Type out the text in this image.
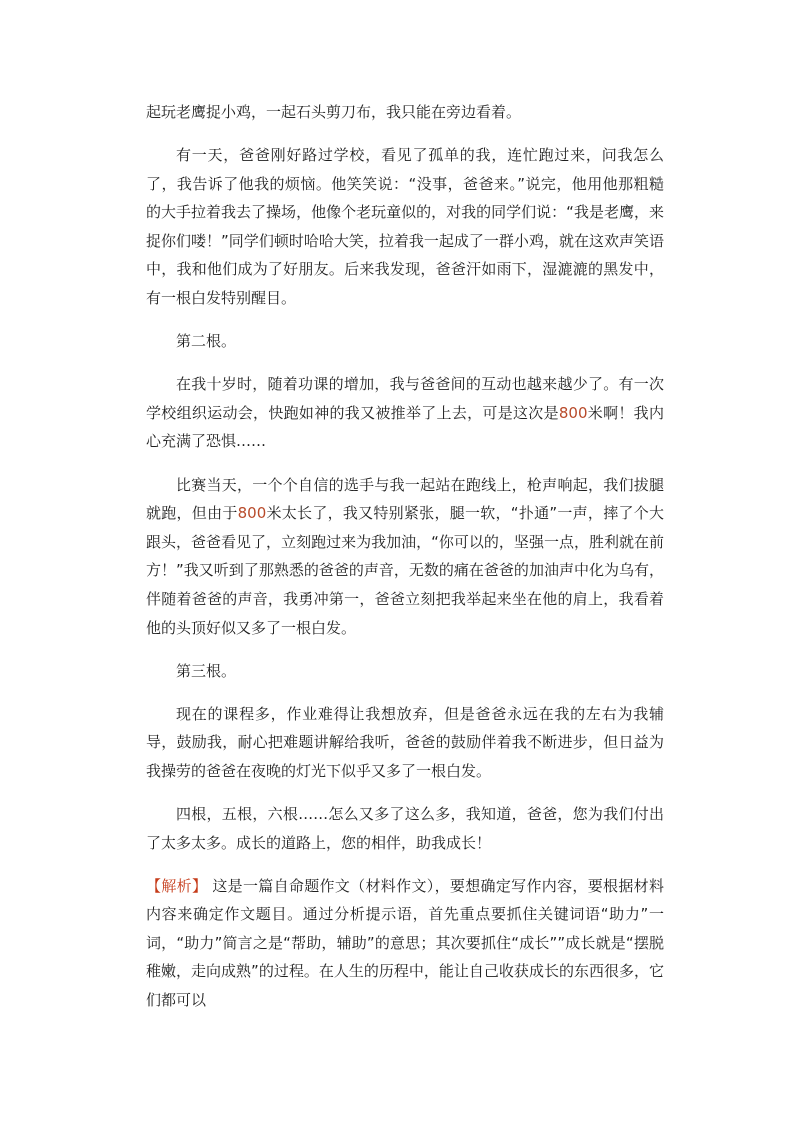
起玩老鹰捉小鸡，一起石头剪刀布，我只能在旁边看着。

有一天，爸爸刚好路过学校，看见了孤单的我，连忙跑过来，问我怎么了，我告诉了他我的烦恼。他笑笑说：“没事，爸爸来。”说完，他用他那粗糙的大手拉着我去了操场，他像个老玩童似的，对我的同学们说：“我是老鹰，来捉你们喽！”同学们顿时哈哈大笑，拉着我一起成了一群小鸡，就在这欢声笑语中，我和他们成为了好朋友。后来我发现，爸爸汗如雨下，湿漉漉的黑发中，有一根白发特别醒目。

第二根。

在我十岁时，随着功课的增加，我与爸爸间的互动也越来越少了。有一次学校组织运动会，快跑如神的我又被推举了上去，可是这次是800米啊！我内心充满了恐惧……

比赛当天，一个个自信的选手与我一起站在跑线上，枪声响起，我们拔腿就跑，但由于800米太长了，我又特别紧张，腿一软，“扑通”一声，摔了个大跟头，爸爸看见了，立刻跑过来为我加油，“你可以的，坚强一点，胜利就在前方！”我又听到了那熟悉的爸爸的声音，无数的痛在爸爸的加油声中化为乌有，伴随着爸爸的声音，我勇冲第一，爸爸立刻把我举起来坐在他的肩上，我看着他的头顶好似又多了一根白发。

第三根。

现在的课程多，作业难得让我想放弃，但是爸爸永远在我的左右为我辅导，鼓励我，耐心把难题讲解给我听，爸爸的鼓励伴着我不断进步，但日益为我操劳的爸爸在夜晚的灯光下似乎又多了一根白发。

四根，五根，六根……怎么又多了这么多，我知道，爸爸，您为我们付出了太多太多。成长的道路上，您的相伴，助我成长！

【解析】 这是一篇自命题作文（材料作文），要想确定写作内容，要根据材料内容来确定作文题目。通过分析提示语，首先重点要抓住关键词语“助力”一词，“助力”简言之是“帮助，辅助”的意思；其次要抓住“成长””成长就是“摆脱稚嫩，走向成熟”的过程。在人生的历程中，能让自己收获成长的东西很多，它们都可以
